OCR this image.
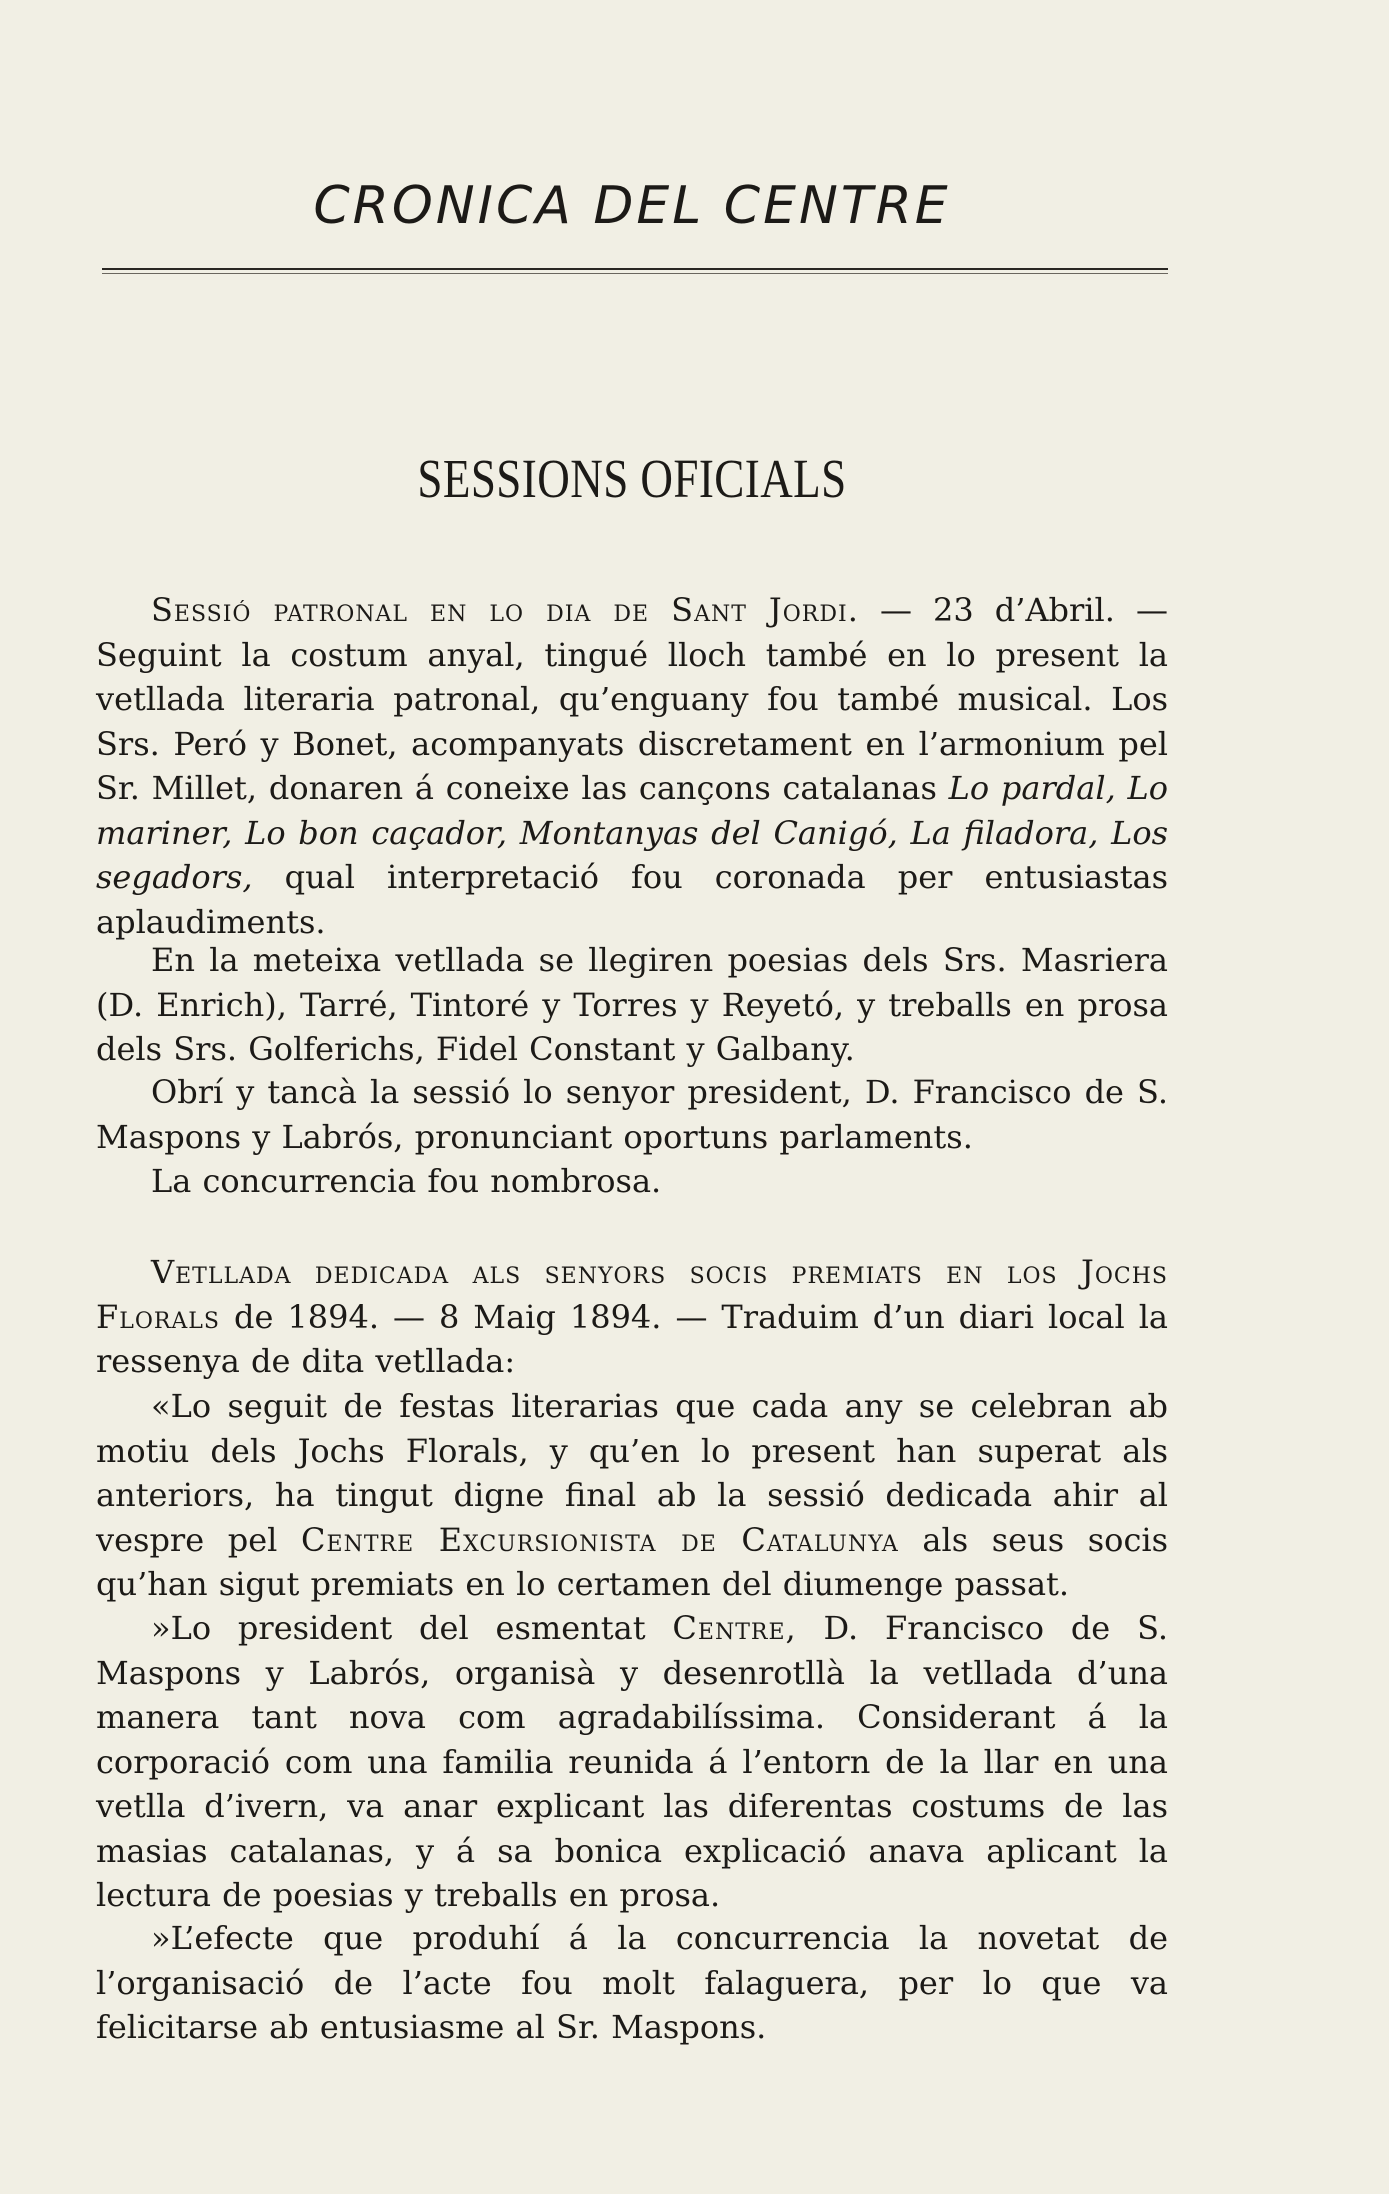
CRONICA DEL CENTRE
SESSIONS OFICIALS

Sessió patronal en lo dia de Sant Jordi. — 23 d’Abril. — Seguint la costum anyal, tingué lloch també en lo present la vetllada literaria patronal, qu’enguany fou també musical. Los Srs. Peró y Bonet, acompanyats discretament en l’armonium pel Sr. Millet, donaren á coneixe las cançons catalanas Lo pardal, Lo mariner, Lo bon caçador, Montanyas del Canigó, La filadora, Los segadors, qual interpretació fou coronada per entusiastas aplaudiments.

En la meteixa vetllada se llegiren poesias dels Srs. Masriera (D. Enrich), Tarré, Tintoré y Torres y Reyetó, y treballs en prosa dels Srs. Golferichs, Fidel Constant y Galbany.

Obrí y tancà la sessió lo senyor president, D. Francisco de S. Maspons y Labrós, pronunciant oportuns parlaments.

La concurrencia fou nombrosa.

Vetllada dedicada als senyors socis premiats en los Jochs Florals de 1894. — 8 Maig 1894. — Traduim d’un diari local la ressenya de dita vetllada:

«Lo seguit de festas literarias que cada any se celebran ab motiu dels Jochs Florals, y qu’en lo present han superat als anteriors, ha tingut digne final ab la sessió dedicada ahir al vespre pel Centre Excursionista de Catalunya als seus socis qu’han sigut premiats en lo certamen del diumenge passat.

»Lo president del esmentat Centre, D. Francisco de S. Maspons y Labrós, organisà y desenrotllà la vetllada d’una manera tant nova com agradabilíssima. Considerant á la corporació com una familia reunida á l’entorn de la llar en una vetlla d’ivern, va anar explicant las diferentas costums de las masias catalanas, y á sa bonica explicació anava aplicant la lectura de poesias y treballs en prosa.

»L’efecte que produhí á la concurrencia la novetat de l’organisació de l’acte fou molt falaguera, per lo que va felicitarse ab entusiasme al Sr. Maspons.
